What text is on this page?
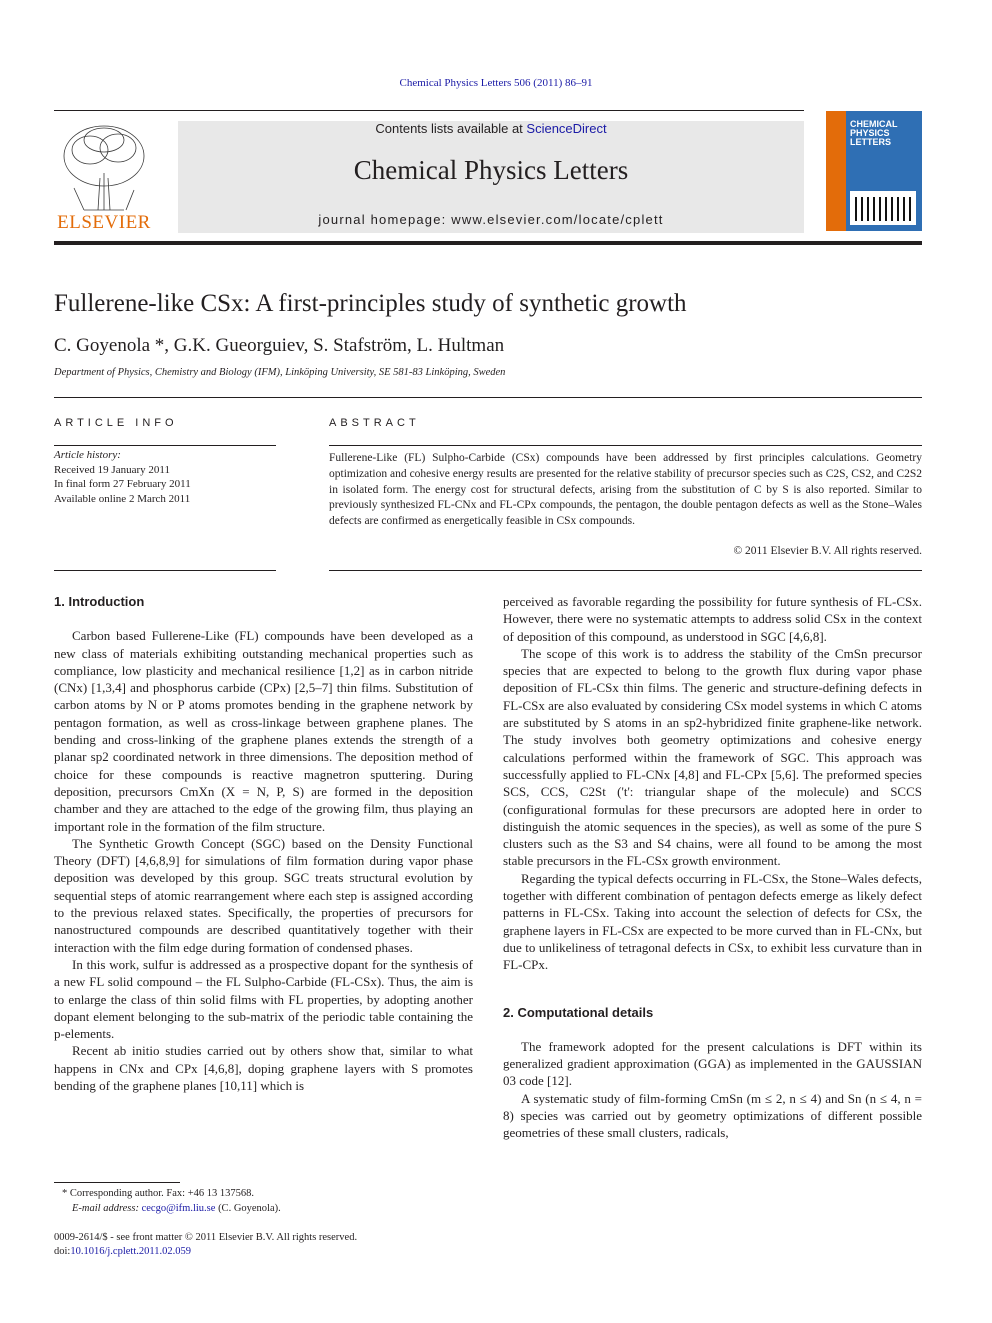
Chemical Physics Letters 506 (2011) 86–91
ELSEVIER
Contents lists available at ScienceDirect
Chemical Physics Letters
journal homepage: www.elsevier.com/locate/cplett
CHEMICAL PHYSICS LETTERS
Fullerene-like CSx: A first-principles study of synthetic growth
C. Goyenola *, G.K. Gueorguiev, S. Stafström, L. Hultman
Department of Physics, Chemistry and Biology (IFM), Linköping University, SE 581-83 Linköping, Sweden
ARTICLE INFO	ABSTRACT
Article history:
Received 19 January 2011
In final form 27 February 2011
Available online 2 March 2011
Fullerene-Like (FL) Sulpho-Carbide (CSx) compounds have been addressed by first principles calculations. Geometry optimization and cohesive energy results are presented for the relative stability of precursor species such as C2S, CS2, and C2S2 in isolated form. The energy cost for structural defects, arising from the substitution of C by S is also reported. Similar to previously synthesized FL-CNx and FL-CPx compounds, the pentagon, the double pentagon defects as well as the Stone–Wales defects are confirmed as energetically feasible in CSx compounds.
© 2011 Elsevier B.V. All rights reserved.

1. Introduction

Carbon based Fullerene-Like (FL) compounds have been developed as a new class of materials exhibiting outstanding mechanical properties such as compliance, low plasticity and mechanical resilience [1,2] as in carbon nitride (CNx) [1,3,4] and phosphorus carbide (CPx) [2,5–7] thin films. Substitution of carbon atoms by N or P atoms promotes bending in the graphene network by pentagon formation, as well as cross-linkage between graphene planes. The bending and cross-linking of the graphene planes extends the strength of a planar sp2 coordinated network in three dimensions. The deposition method of choice for these compounds is reactive magnetron sputtering. During deposition, precursors CmXn (X = N, P, S) are formed in the deposition chamber and they are attached to the edge of the growing film, thus playing an important role in the formation of the film structure.

The Synthetic Growth Concept (SGC) based on the Density Functional Theory (DFT) [4,6,8,9] for simulations of film formation during vapor phase deposition was developed by this group. SGC treats structural evolution by sequential steps of atomic rearrangement where each step is assigned according to the previous relaxed states. Specifically, the properties of precursors for nanostructured compounds are described quantitatively together with their interaction with the film edge during formation of condensed phases.

In this work, sulfur is addressed as a prospective dopant for the synthesis of a new FL solid compound – the FL Sulpho-Carbide (FL-CSx). Thus, the aim is to enlarge the class of thin solid films with FL properties, by adopting another dopant element belonging to the sub-matrix of the periodic table containing the p-elements.

Recent ab initio studies carried out by others show that, similar to what happens in CNx and CPx [4,6,8], doping graphene layers with S promotes bending of the graphene planes [10,11] which is

perceived as favorable regarding the possibility for future synthesis of FL-CSx. However, there were no systematic attempts to address solid CSx in the context of deposition of this compound, as understood in SGC [4,6,8].

The scope of this work is to address the stability of the CmSn precursor species that are expected to belong to the growth flux during vapor phase deposition of FL-CSx thin films. The generic and structure-defining defects in FL-CSx are also evaluated by considering CSx model systems in which C atoms are substituted by S atoms in an sp2-hybridized finite graphene-like network. The study involves both geometry optimizations and cohesive energy calculations performed within the framework of SGC. This approach was successfully applied to FL-CNx [4,8] and FL-CPx [5,6]. The preformed species SCS, CCS, C2St ('t': triangular shape of the molecule) and SCCS (configurational formulas for these precursors are adopted here in order to distinguish the atomic sequences in the species), as well as some of the pure S clusters such as the S3 and S4 chains, were all found to be among the most stable precursors in the FL-CSx growth environment.

Regarding the typical defects occurring in FL-CSx, the Stone–Wales defects, together with different combination of pentagon defects emerge as likely defect patterns in FL-CSx. Taking into account the selection of defects for CSx, the graphene layers in FL-CSx are expected to be more curved than in FL-CNx, but due to unlikeliness of tetragonal defects in CSx, to exhibit less curvature than in FL-CPx.

2. Computational details

The framework adopted for the present calculations is DFT within its generalized gradient approximation (GGA) as implemented in the GAUSSIAN 03 code [12].

A systematic study of film-forming CmSn (m ≤ 2, n ≤ 4) and Sn (n ≤ 4, n = 8) species was carried out by geometry optimizations of different possible geometries of these small clusters, radicals,

* Corresponding author. Fax: +46 13 137568.
E-mail address: cecgo@ifm.liu.se (C. Goyenola).
0009-2614/$ - see front matter © 2011 Elsevier B.V. All rights reserved.
doi:10.1016/j.cplett.2011.02.059
